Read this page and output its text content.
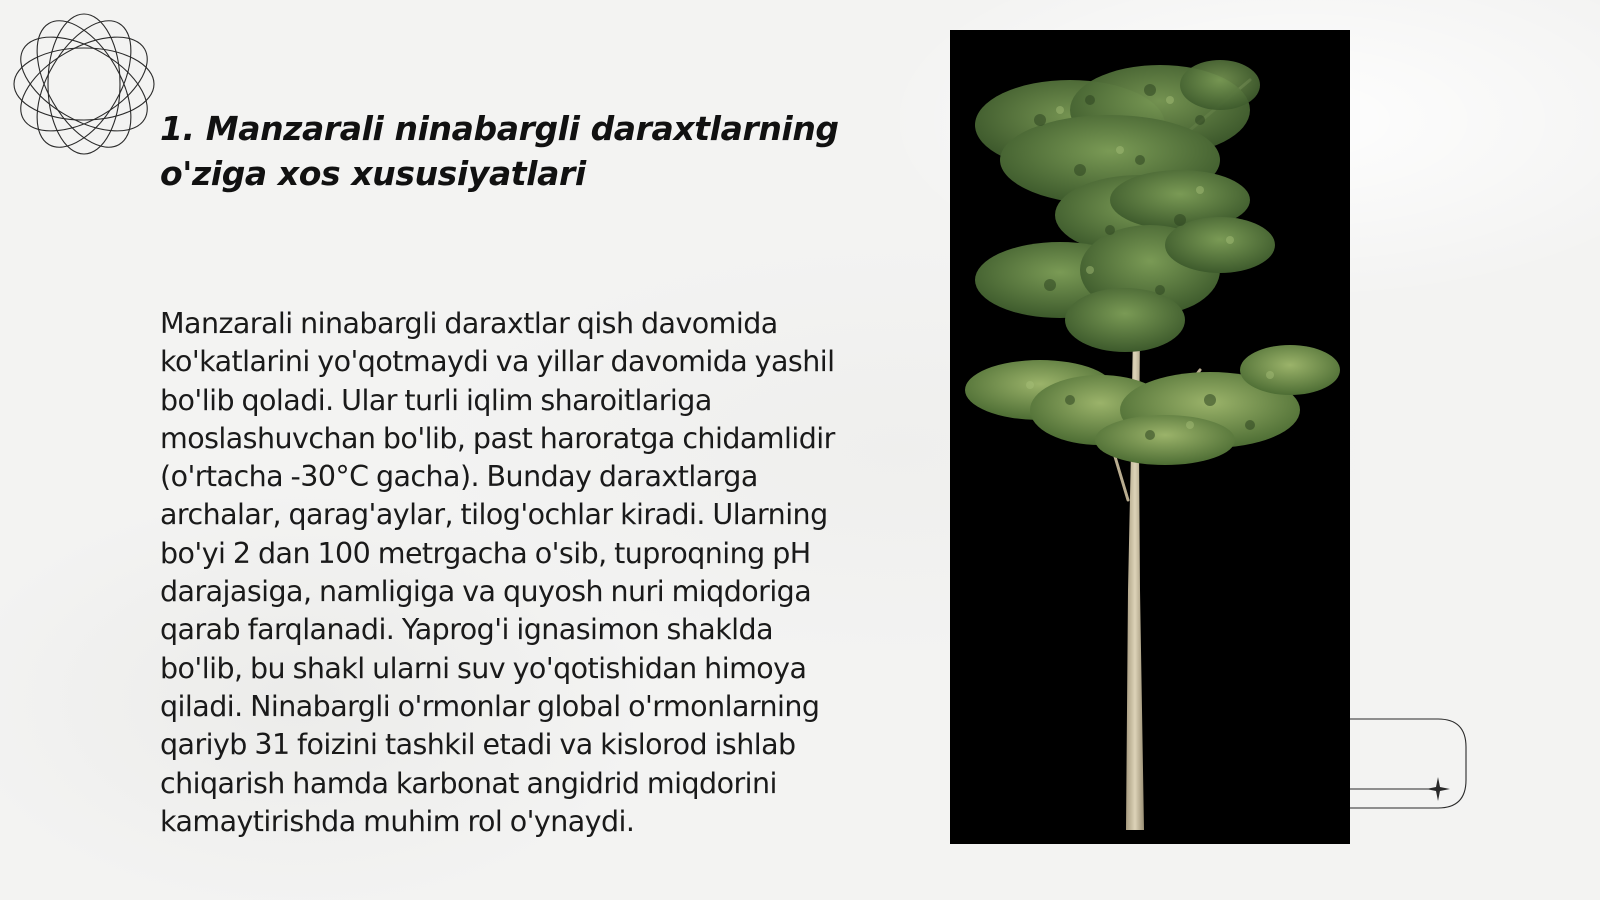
1. Manzarali ninabargli daraxtlarning o'ziga xos xususiyatlari

Manzarali ninabargli daraxtlar qish davomida ko'katlarini yo'qotmaydi va yillar davomida yashil bo'lib qoladi. Ular turli iqlim sharoitlariga moslashuvchan bo'lib, past haroratga chidamlidir (o'rtacha -30°C gacha). Bunday daraxtlarga archalar, qarag'aylar, tilog'ochlar kiradi. Ularning bo'yi 2 dan 100 metrgacha o'sib, tuproqning pH darajasiga, namligiga va quyosh nuri miqdoriga qarab farqlanadi. Yaprog'i ignasimon shaklda bo'lib, bu shakl ularni suv yo'qotishidan himoya qiladi. Ninabargli o'rmonlar global o'rmonlarning qariyb 31 foizini tashkil etadi va kislorod ishlab chiqarish hamda karbonat angidrid miqdorini kamaytirishda muhim rol o'ynaydi.
